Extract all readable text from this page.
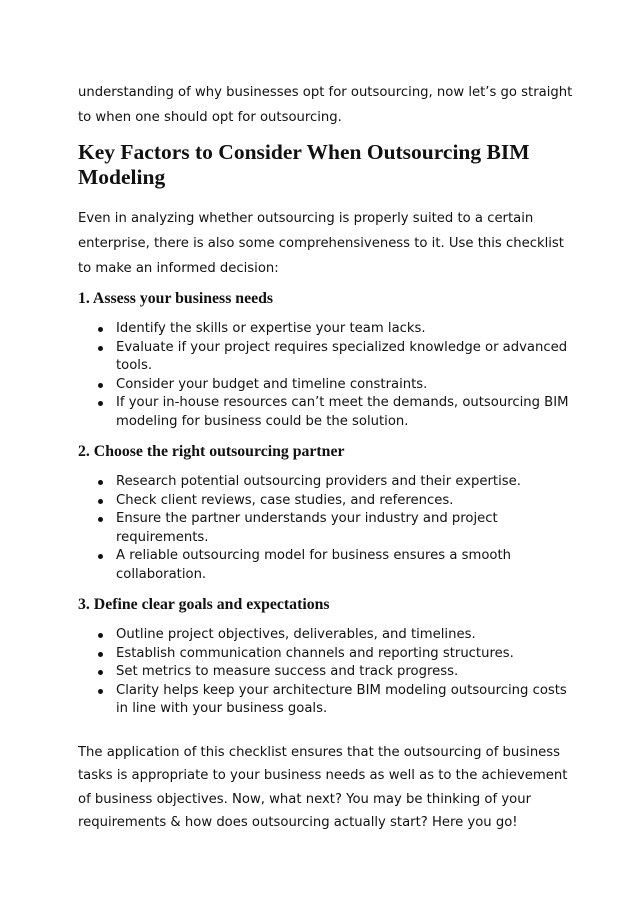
understanding of why businesses opt for outsourcing, now let’s go straight to when one should opt for outsourcing.

Key Factors to Consider When Outsourcing BIM Modeling

Even in analyzing whether outsourcing is properly suited to a certain enterprise, there is also some comprehensiveness to it. Use this checklist to make an informed decision:

1. Assess your business needs
Identify the skills or expertise your team lacks.
Evaluate if your project requires specialized knowledge or advanced tools.
Consider your budget and timeline constraints.
If your in-house resources can’t meet the demands, outsourcing BIM modeling for business could be the solution.
2. Choose the right outsourcing partner
Research potential outsourcing providers and their expertise.
Check client reviews, case studies, and references.
Ensure the partner understands your industry and project requirements.
A reliable outsourcing model for business ensures a smooth collaboration.
3. Define clear goals and expectations
Outline project objectives, deliverables, and timelines.
Establish communication channels and reporting structures.
Set metrics to measure success and track progress.
Clarity helps keep your architecture BIM modeling outsourcing costs in line with your business goals.

The application of this checklist ensures that the outsourcing of business tasks is appropriate to your business needs as well as to the achievement of business objectives. Now, what next? You may be thinking of your requirements & how does outsourcing actually start? Here you go!
